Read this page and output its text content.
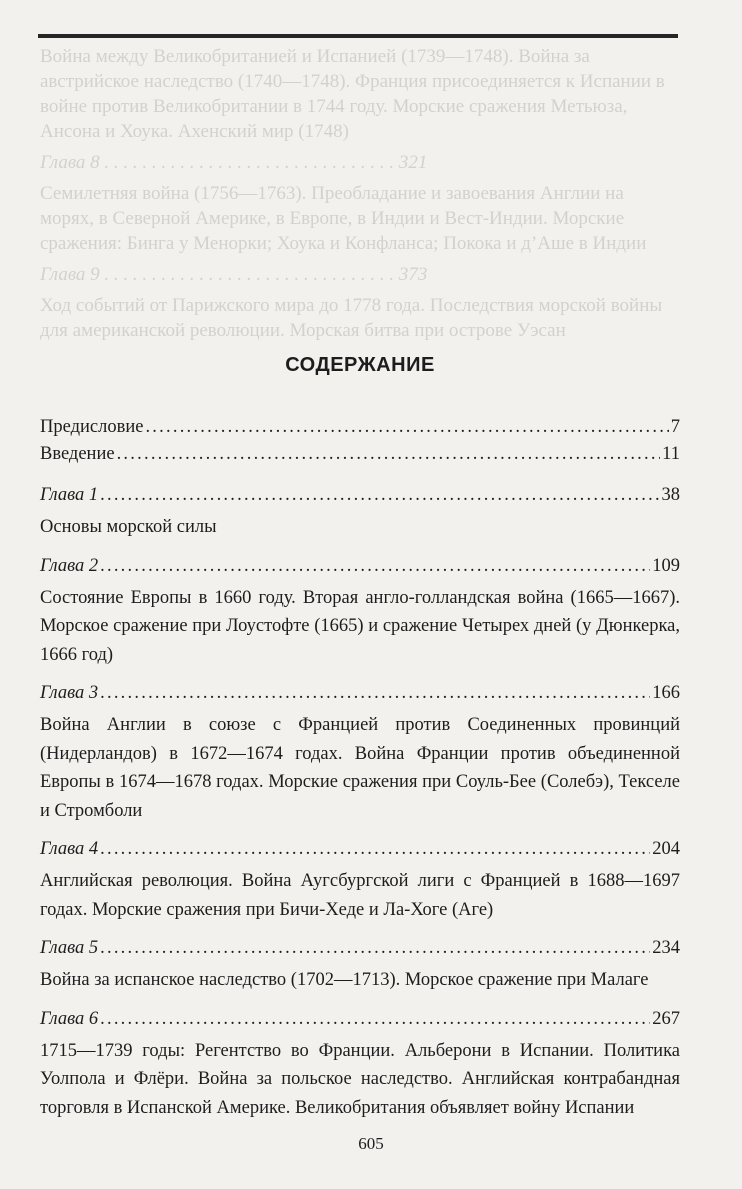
Война между Великобританией и Испанией (1739—1748). Война за австрийское наследство (1740—1748). Франция присоединяется к Испании в войне против Великобритании в 1744 году. Морские сражения Метьюза, Ансона и Хоука. Ахенский мир (1748)

Глава 8 . . . . . . . . . . . . . . . . . . . . . . . . . . . . . . . 321

Семилетняя война (1756—1763). Преобладание и завоевания Англии на морях, в Северной Америке, в Европе, в Индии и Вест-Индии. Морские сражения: Бинга у Менорки; Хоука и Конфланса; Покока и д’Аше в Индии

Глава 9 . . . . . . . . . . . . . . . . . . . . . . . . . . . . . . . 373

Ход событий от Парижского мира до 1778 года. Последствия морской войны для американской революции. Морская битва при острове Уэсан

СОДЕРЖАНИЕ
Предисловие . . .	7
Введение . . .	11
Глава 1 . . .	38

Основы морской силы

Глава 2 . . .	109

Состояние Европы в 1660 году. Вторая англо-голландская война (1665—1667). Морское сражение при Лоустофте (1665) и сражение Четырех дней (у Дюнкерка, 1666 год)

Глава 3 . . .	166

Война Англии в союзе с Францией против Соединенных провинций (Нидерландов) в 1672—1674 годах. Война Франции против объединенной Европы в 1674—1678 годах. Морские сражения при Соуль-Бее (Солебэ), Текселе и Стромболи

Глава 4 . . .	204

Английская революция. Война Аугсбургской лиги с Францией в 1688—1697 годах. Морские сражения при Бичи-Хеде и Ла-Хоге (Аге)

Глава 5 . . .	234

Война за испанское наследство (1702—1713). Морское сражение при Малаге

Глава 6 . . .	267

1715—1739 годы: Регентство во Франции. Альберони в Испании. Политика Уолпола и Флёри. Война за польское наследство. Английская контрабандная торговля в Испанской Америке. Великобритания объявляет войну Испании

605
